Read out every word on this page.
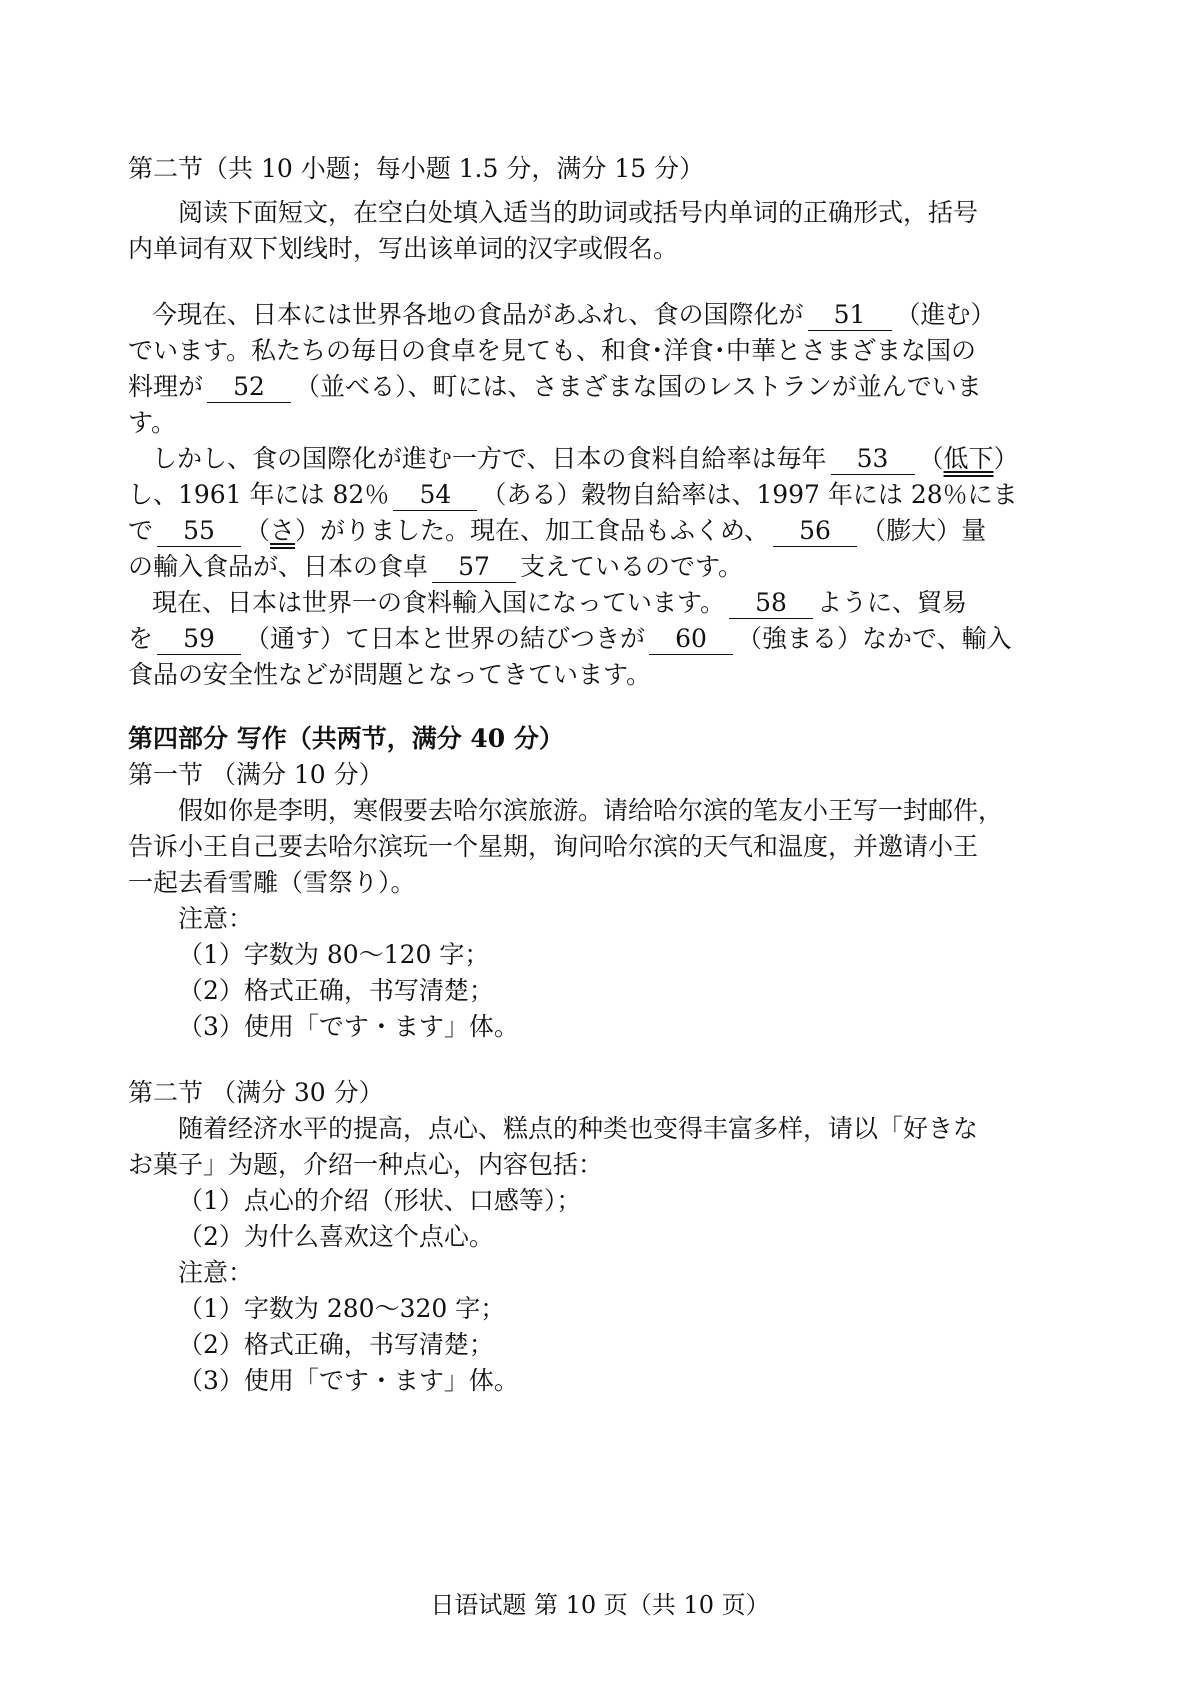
第二节（共 10 小题；每小题 1.5 分，满分 15 分）
阅读下面短文，在空白处填入适当的助词或括号内单词的正确形式，括号
内单词有双下划线时，写出该单词的汉字或假名。
今現在、日本には世界各地の食品があふれ、食の国際化が 51 （進む）
でいます。私たちの毎日の食卓を見ても、和食･洋食･中華とさまざまな国の
料理が 52 （並べる）、町には、さまざまな国のレストランが並んでいま
す。
しかし、食の国際化が進む一方で、日本の食料自給率は毎年 53 （低下）
し、1961 年には 82％ 54 （ある）穀物自給率は、1997 年には 28％にま
で 55 （さ）がりました。現在、加工食品もふくめ、 56 （膨大）量
の輸入食品が、日本の食卓 57 支えているのです。
現在、日本は世界一の食料輸入国になっています。 58 ように、貿易
を 59 （通す）て日本と世界の結びつきが 60 （強まる）なかで、輸入
食品の安全性などが問題となってきています。
第四部分 写作（共两节，满分 40 分）
第一节 （满分 10 分）
假如你是李明，寒假要去哈尔滨旅游。请给哈尔滨的笔友小王写一封邮件，
告诉小王自己要去哈尔滨玩一个星期，询问哈尔滨的天气和温度，并邀请小王
一起去看雪雕（雪祭り）。
注意：
（1）字数为 80～120 字；
（2）格式正确，书写清楚；
（3）使用「です・ます」体。
第二节 （满分 30 分）
随着经济水平的提高，点心、糕点的种类也变得丰富多样，请以「好きな
お菓子」为题，介绍一种点心，内容包括：
（1）点心的介绍（形状、口感等）；
（2）为什么喜欢这个点心。
注意：
（1）字数为 280～320 字；
（2）格式正确，书写清楚；
（3）使用「です・ます」体。
日语试题 第 10 页（共 10 页）
